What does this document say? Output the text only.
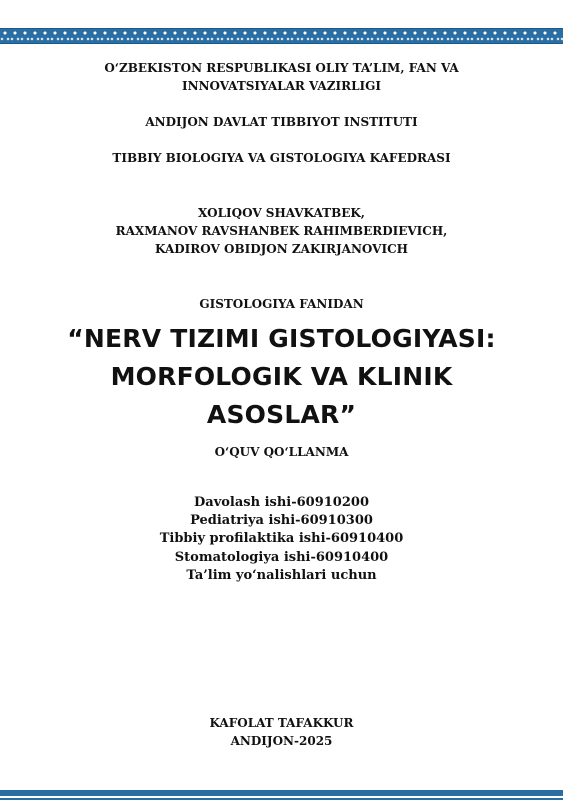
O‘ZBEKISTON RESPUBLIKASI OLIY TA’LIM, FAN VA
INNOVATSIYALAR VAZIRLIGI
ANDIJON DAVLAT TIBBIYOT INSTITUTI
TIBBIY BIOLOGIYA VA GISTOLOGIYA KAFEDRASI
XOLIQOV SHAVKATBEK,
RAXMANOV RAVSHANBEK RAHIMBERDIEVICH,
KADIROV OBIDJON ZAKIRJANOVICH
GISTOLOGIYA FANIDAN
“NERV TIZIMI GISTOLOGIYASI:
MORFOLOGIK VA KLINIK
ASOSLAR”
O‘QUV QO‘LLANMA
Davolash ishi-60910200
Pediatriya ishi-60910300
Tibbiy profilaktika ishi-60910400
Stomatologiya ishi-60910400
Ta’lim yo‘nalishlari uchun
KAFOLAT TAFAKKUR
ANDIJON-2025
